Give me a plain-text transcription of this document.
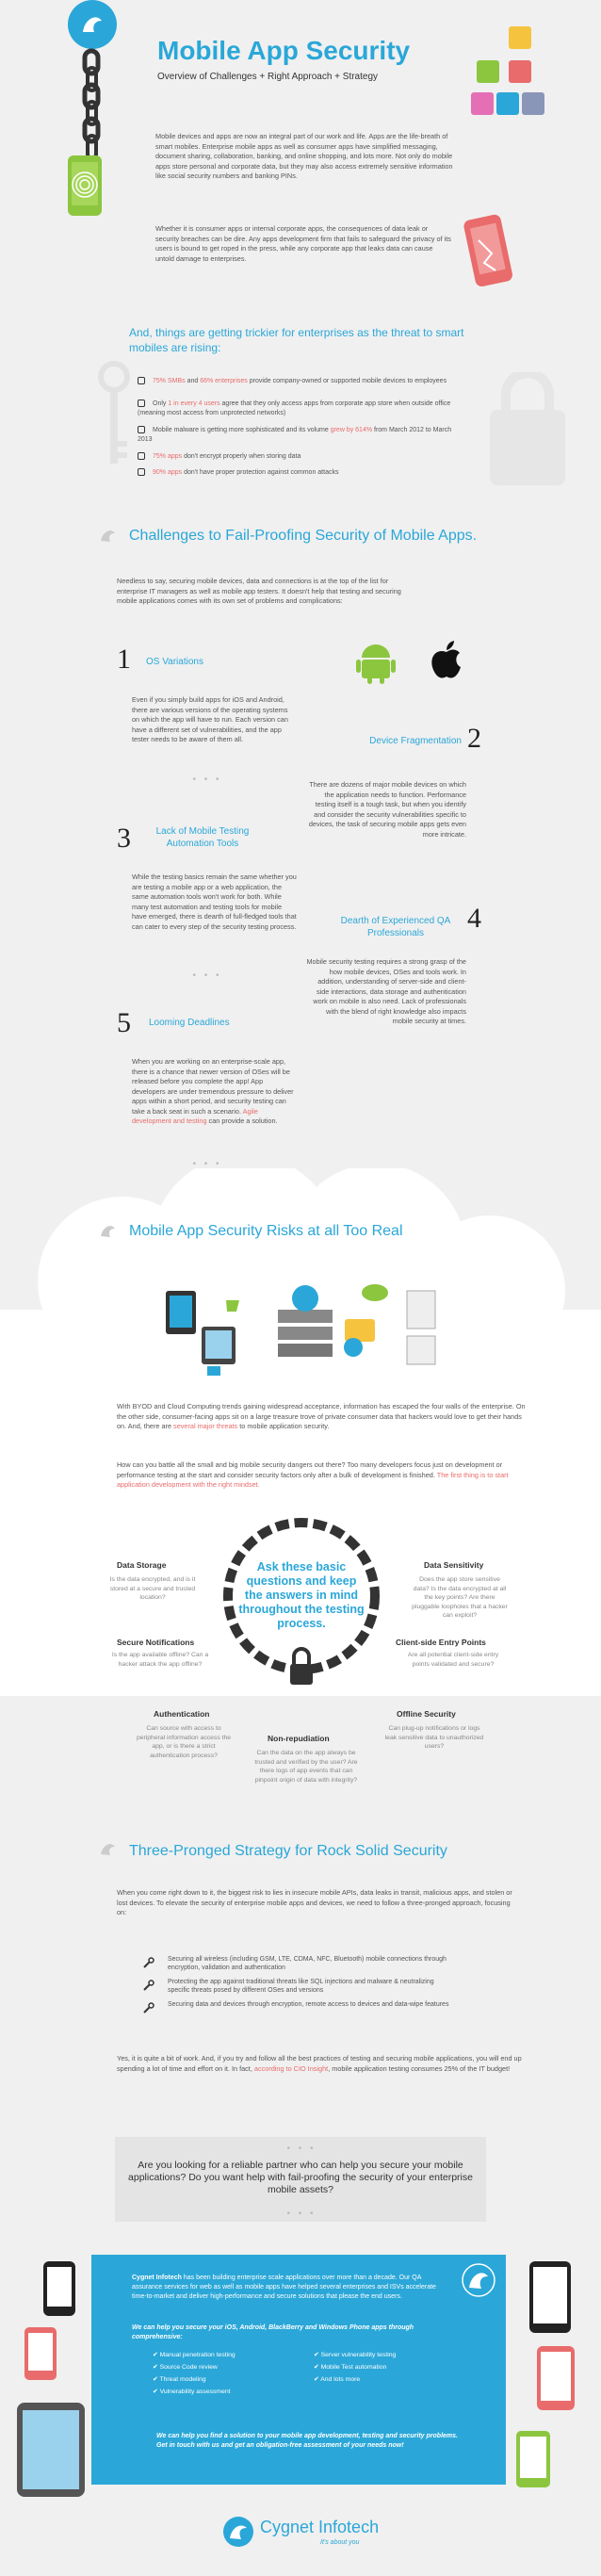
Mobile App Security
Overview of Challenges + Right Approach + Strategy
Mobile devices and apps are now an integral part of our work and life. Apps are the life-breath of smart mobiles. Enterprise mobile apps as well as consumer apps have simplified messaging, document sharing, collaboration, banking, and online shopping, and lots more. Not only do mobile apps store personal and corporate data, but they may also access extremely sensitive information like social security numbers and banking PINs.
Whether it is consumer apps or internal corporate apps, the consequences of data leak or security breaches can be dire. Any apps development firm that fails to safeguard the privacy of its users is bound to get roped in the press, while any corporate app that leaks data can cause untold damage to enterprises.
And, things are getting trickier for enterprises as the threat to smart mobiles are rising:
75% SMBs and 66% enterprises provide company-owned or supported mobile devices to employees
Only 1 in every 4 users agree that they only access apps from corporate app store when outside office (meaning most access from unprotected networks)
Mobile malware is getting more sophisticated and its volume grew by 614% from March 2012 to March 2013
75% apps don't encrypt properly when storing data
90% apps don't have proper protection against common attacks
Challenges to Fail-Proofing Security of Mobile Apps.
Needless to say, securing mobile devices, data and connections is at the top of the list for enterprise IT managers as well as mobile app testers. It doesn't help that testing and securing mobile applications comes with its own set of problems and complications:
1 OS Variations
Even if you simply build apps for iOS and Android, there are various versions of the operating systems on which the app will have to run. Each version can have a different set of vulnerabilities, and the app tester needs to be aware of them all.
• • •
2
Device Fragmentation
There are dozens of major mobile devices on which the application needs to function. Performance testing itself is a tough task, but when you identify and consider the security vulnerabilities specific to devices, the task of securing mobile apps gets even more intricate.
3	Lack of Mobile Testing Automation Tools
While the testing basics remain the same whether you are testing a mobile app or a web application, the same automation tools won't work for both. While many test automation and testing tools for mobile have emerged, there is dearth of full-fledged tools that can cater to every step of the security testing process.
• • •
4
Dearth of Experienced QA Professionals
Mobile security testing requires a strong grasp of the how mobile devices, OSes and tools work. In addition, understanding of server-side and client-side interactions, data storage and authentication work on mobile is also need. Lack of professionals with the blend of right knowledge also impacts mobile security at times.
5 Looming Deadlines
When you are working on an enterprise-scale app, there is a chance that newer version of OSes will be released before you complete the app! App developers are under tremendous pressure to deliver apps within a short period, and security testing can take a back seat in such a scenario. Agile development and testing can provide a solution.
• • •
Mobile App Security Risks at all Too Real
With BYOD and Cloud Computing trends gaining widespread acceptance, information has escaped the four walls of the enterprise. On the other side, consumer-facing apps sit on a large treasure trove of private consumer data that hackers would love to get their hands on. And, there are several major threats to mobile application security.
How can you battle all the small and big mobile security dangers out there? Too many developers focus just on development or performance testing at the start and consider security factors only after a bulk of development is finished. The first thing is to start application development with the right mindset.
Ask these basic questions and keep the answers in mind throughout the testing process.
Data Storage
Is the data encrypted, and is it stored at a secure and trusted location?
Data Sensitivity
Does the app store sensitive data? Is the data encrypted at all the key points? Are there pluggable loopholes that a hacker can exploit?
Secure Notifications
Is the app available offline? Can a hacker attack the app offline?
Client-side Entry Points
Are all potential client-side entry points validated and secure?
Authentication
Can source with access to peripheral information access the app, or is there a strict authentication process?
Offline Security
Can plug-up notifications or logs leak sensitive data to unauthorized users?
Non-repudiation
Can the data on the app always be trusted and verified by the user? Are there logs of app events that can pinpoint origin of data with integrity?
Three-Pronged Strategy for Rock Solid Security
When you come right down to it, the biggest risk to lies in insecure mobile APIs, data leaks in transit, malicious apps, and stolen or lost devices. To elevate the security of enterprise mobile apps and devices, we need to follow a three-pronged approach, focusing on:
Securing all wireless (including GSM, LTE, CDMA, NFC, Bluetooth) mobile connections through encryption, validation and authentication
Protecting the app against traditional threats like SQL injections and malware & neutralizing specific threats posed by different OSes and versions
Securing data and devices through encryption, remote access to devices and data-wipe features
Yes, it is quite a bit of work. And, if you try and follow all the best practices of testing and securing mobile applications, you will end up spending a lot of time and effort on it. In fact, according to CIO Insight, mobile application testing consumes 25% of the IT budget!
• • •
Are you looking for a reliable partner who can help you secure your mobile applications? Do you want help with fail-proofing the security of your enterprise mobile assets?
• • •
Cygnet Infotech has been building enterprise scale applications over more than a decade. Our QA assurance services for web as well as mobile apps have helped several enterprises and ISVs accelerate time-to-market and deliver high-performance and secure solutions that please the end users.
We can help you secure your iOS, Android, BlackBerry and Windows Phone apps through comprehensive:
✔ Manual penetration testing
✔ Source Code review
✔ Threat modeling
✔ Vulnerability assessment
✔ Server vulnerability testing
✔ Mobile Test automation
✔ And lots more
We can help you find a solution to your mobile app development, testing and security problems. Get in touch with us and get an obligation-free assessment of your needs now!
Cygnet Infotech
It's about you
